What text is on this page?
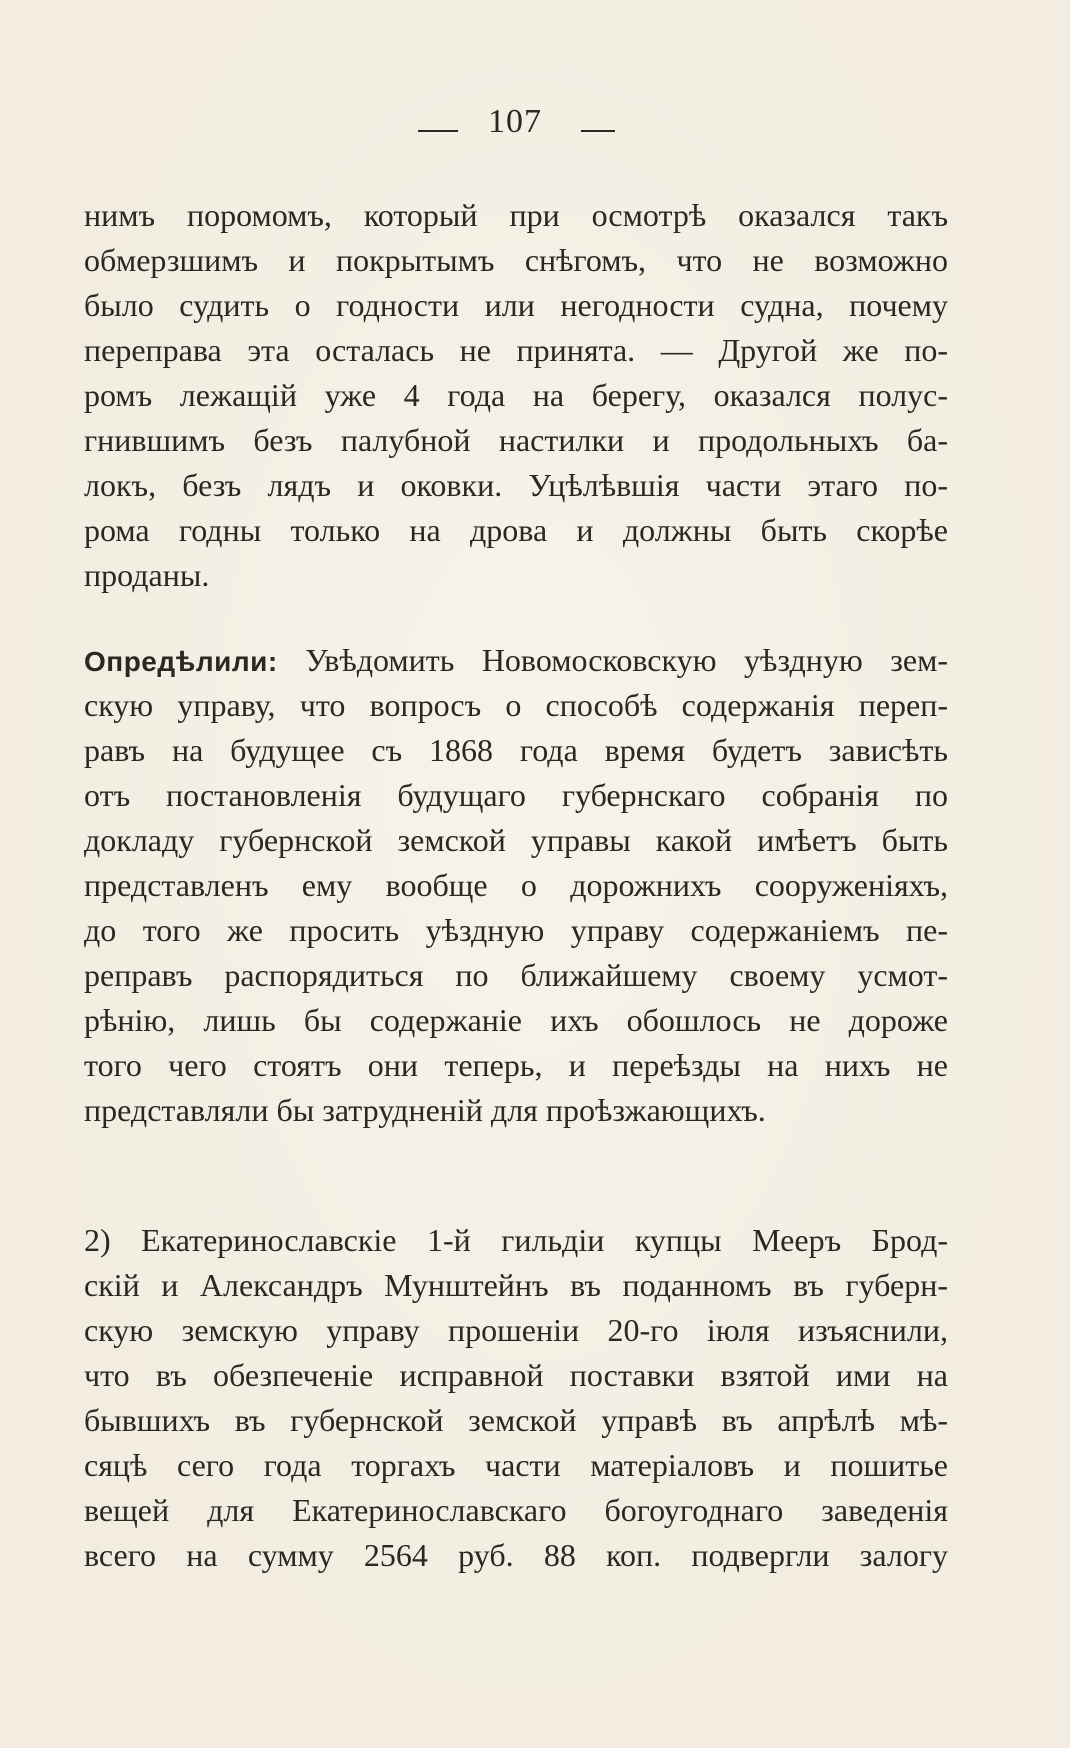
107
нимъ поромомъ, который при осмотрѣ оказался такъ
обмерзшимъ и покрытымъ снѣгомъ, что не возможно
было судить о годности или негодности судна, почему
переправа эта осталась не принята. — Другой же по-
ромъ лежащій уже 4 года на берегу, оказался полус-
гнившимъ безъ палубной настилки и продольныхъ ба-
локъ, безъ лядъ и оковки. Уцѣлѣвшія части этаго по-
рома годны только на дрова и должны быть скорѣе
проданы.
Опредѣлили: Увѣдомить Новомосковскую уѣздную зем-
скую управу, что вопросъ о способѣ содержанія переп-
равъ на будущее съ 1868 года время будетъ зависѣть
отъ постановленія будущаго губернскаго собранія по
докладу губернской земской управы какой имѣетъ быть
представленъ ему вообще о дорожнихъ сооруженіяхъ,
до того же просить уѣздную управу содержаніемъ пе-
реправъ распорядиться по ближайшему своему усмот-
рѣнію, лишь бы содержаніе ихъ обошлось не дороже
того чего стоятъ они теперь, и переѣзды на нихъ не
представляли бы затрудненій для проѣзжающихъ.
2) Екатеринославскіе 1-й гильдіи купцы Мееръ Брод-
скій и Александръ Мунштейнъ въ поданномъ въ губерн-
скую земскую управу прошеніи 20-го іюля изъяснили,
что въ обезпеченіе исправной поставки взятой ими на
бывшихъ въ губернской земской управѣ въ апрѣлѣ мѣ-
сяцѣ сего года торгахъ части матеріаловъ и пошитье
вещей для Екатеринославскаго богоугоднаго заведенія
всего на сумму 2564 руб. 88 коп. подвергли залогу
